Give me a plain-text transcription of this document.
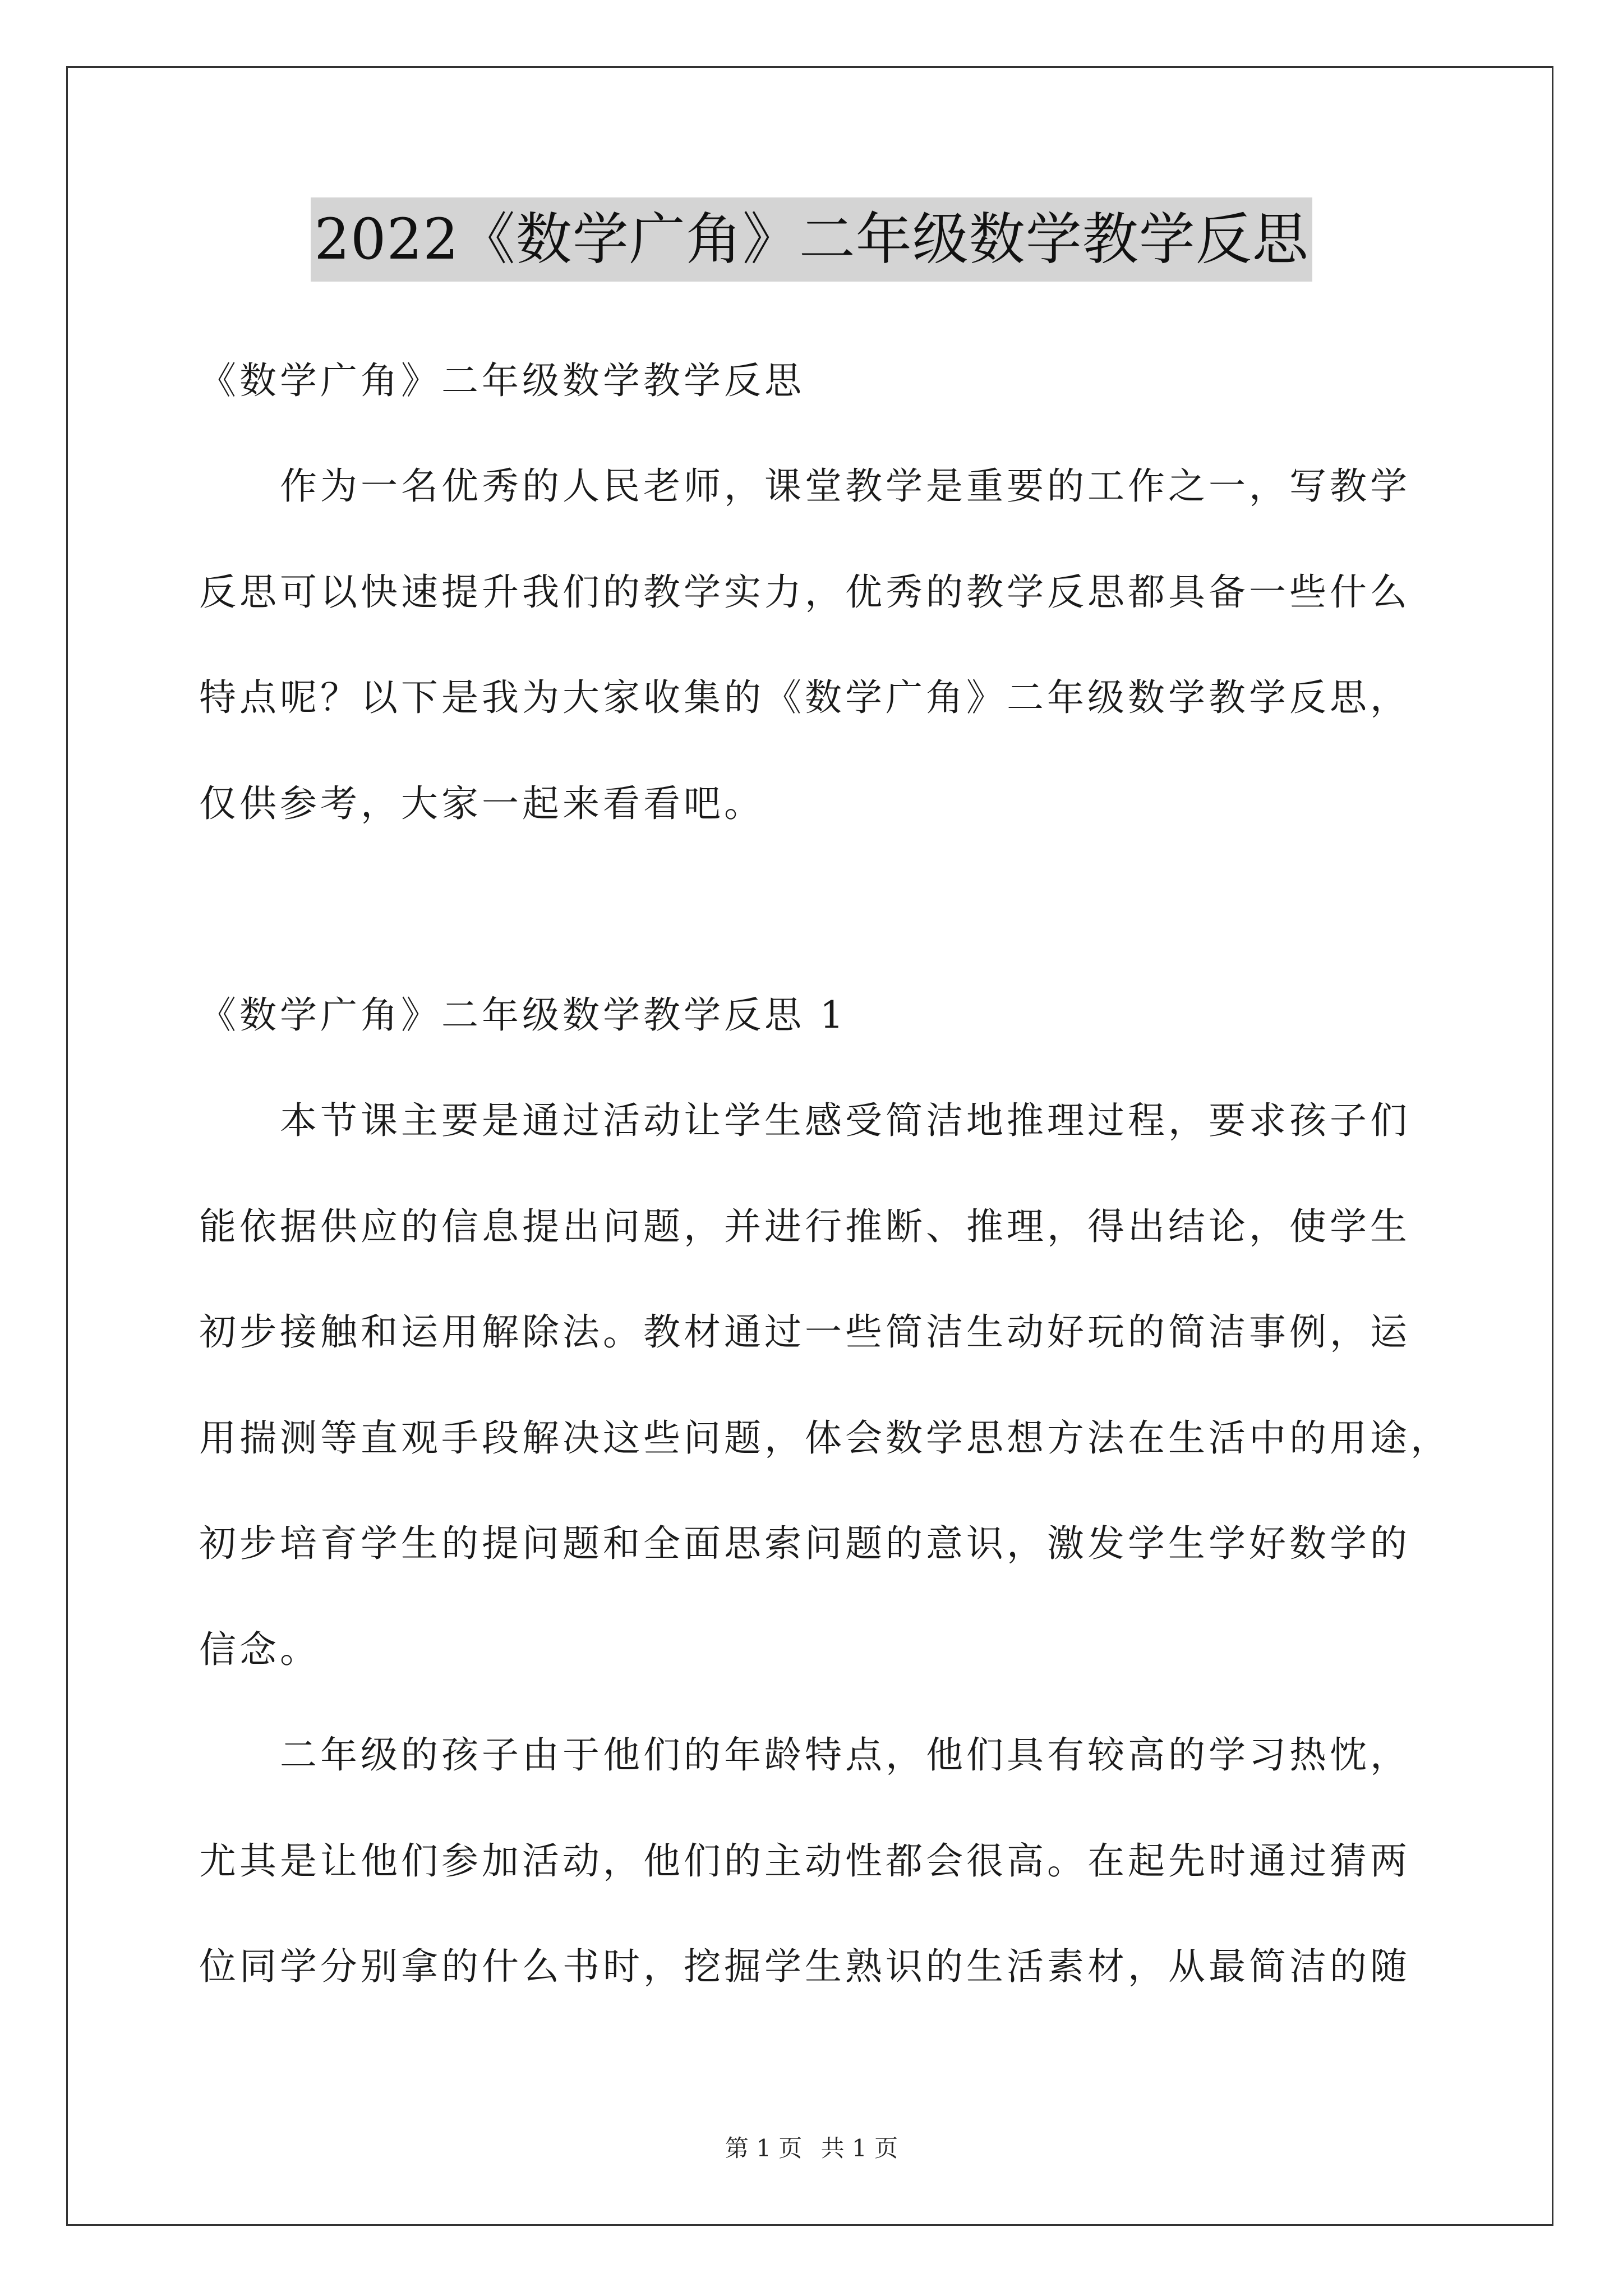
2022《数学广角》二年级数学教学反思
《数学广角》二年级数学教学反思
　　作为一名优秀的人民老师，课堂教学是重要的工作之一，写教学
反思可以快速提升我们的教学实力，优秀的教学反思都具备一些什么
特点呢？以下是我为大家收集的《数学广角》二年级数学教学反思，
仅供参考，大家一起来看看吧。
《数学广角》二年级数学教学反思 1
　　本节课主要是通过活动让学生感受简洁地推理过程，要求孩子们
能依据供应的信息提出问题，并进行推断、推理，得出结论，使学生
初步接触和运用解除法。教材通过一些简洁生动好玩的简洁事例，运
用揣测等直观手段解决这些问题，体会数学思想方法在生活中的用途，
初步培育学生的提问题和全面思索问题的意识，激发学生学好数学的
信念。
　　二年级的孩子由于他们的年龄特点，他们具有较高的学习热忱，
尤其是让他们参加活动，他们的主动性都会很高。在起先时通过猜两
位同学分别拿的什么书时，挖掘学生熟识的生活素材，从最简洁的随
第 1 页 共 1 页
